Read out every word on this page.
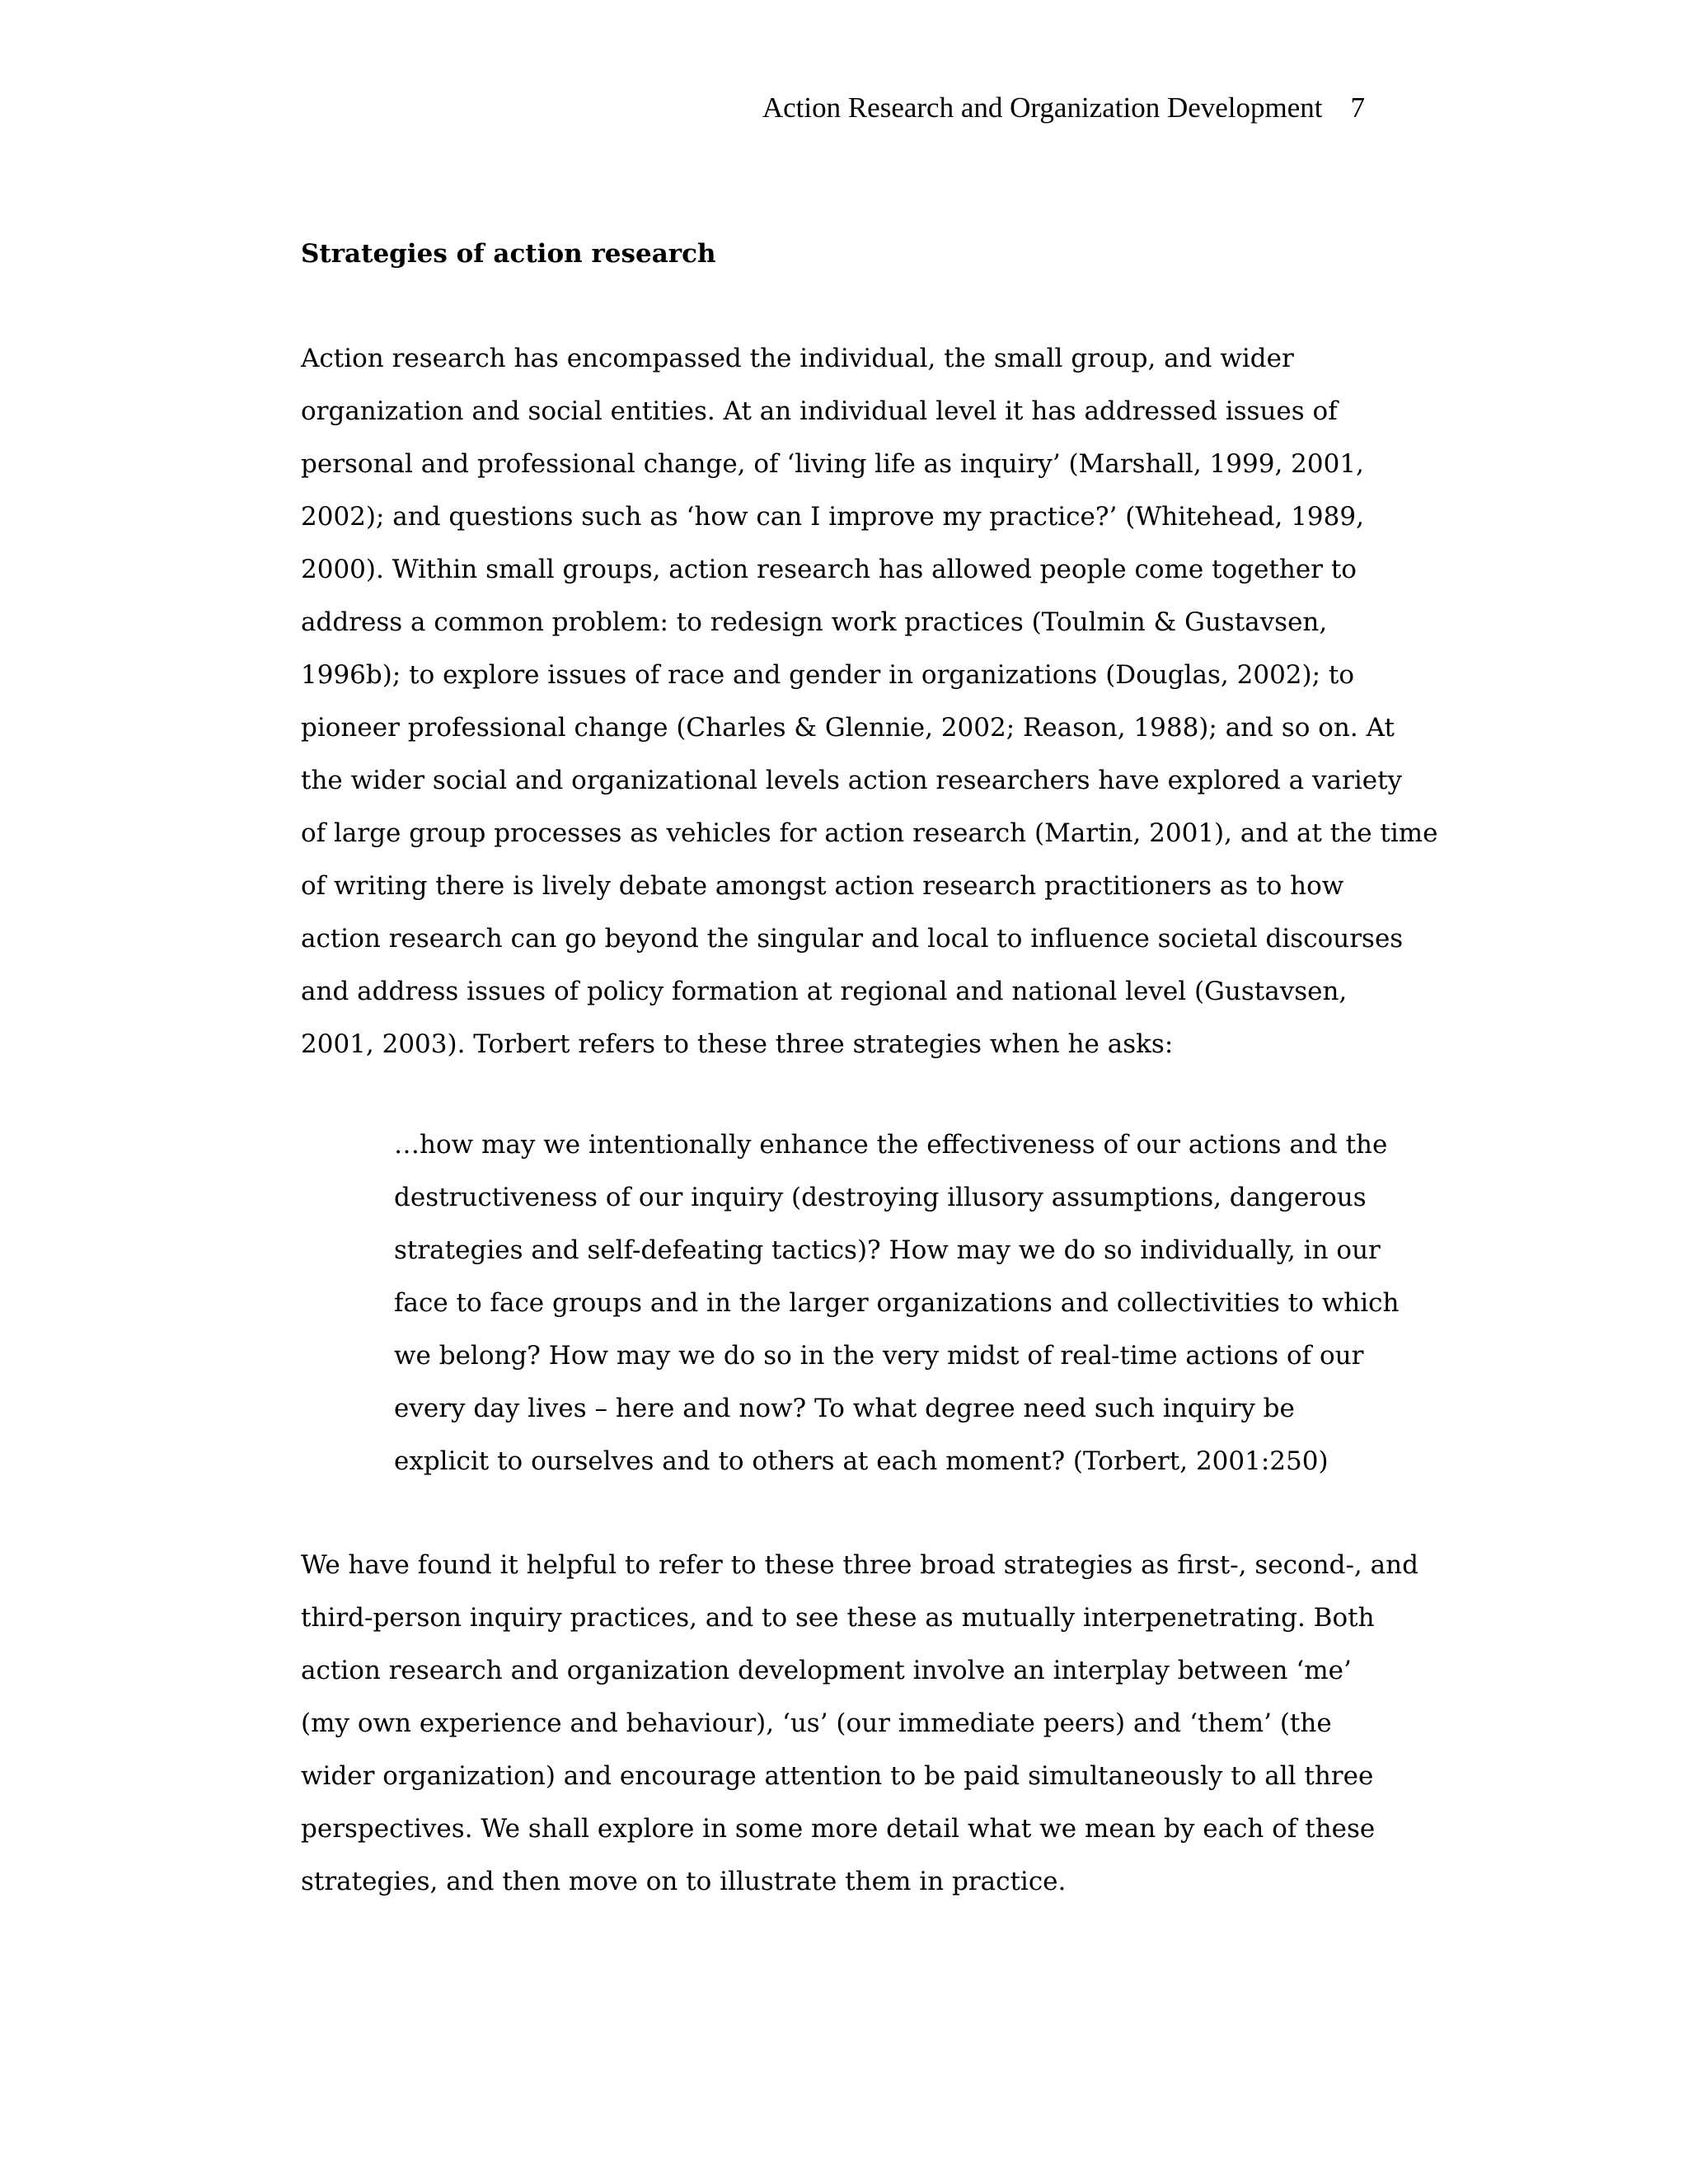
Action Research and Organization Development 7
Strategies of action research
Action research has encompassed the individual, the small group, and wider
organization and social entities. At an individual level it has addressed issues of
personal and professional change, of ‘living life as inquiry’ (Marshall, 1999, 2001,
2002); and questions such as ‘how can I improve my practice?’ (Whitehead, 1989,
2000). Within small groups, action research has allowed people come together to
address a common problem: to redesign work practices (Toulmin & Gustavsen,
1996b); to explore issues of race and gender in organizations (Douglas, 2002); to
pioneer professional change (Charles & Glennie, 2002; Reason, 1988); and so on. At
the wider social and organizational levels action researchers have explored a variety
of large group processes as vehicles for action research (Martin, 2001), and at the time
of writing there is lively debate amongst action research practitioners as to how
action research can go beyond the singular and local to influence societal discourses
and address issues of policy formation at regional and national level (Gustavsen,
2001, 2003). Torbert refers to these three strategies when he asks:
…how may we intentionally enhance the effectiveness of our actions and the
destructiveness of our inquiry (destroying illusory assumptions, dangerous
strategies and self-defeating tactics)? How may we do so individually, in our
face to face groups and in the larger organizations and collectivities to which
we belong? How may we do so in the very midst of real-time actions of our
every day lives – here and now? To what degree need such inquiry be
explicit to ourselves and to others at each moment? (Torbert, 2001:250)
We have found it helpful to refer to these three broad strategies as first-, second-, and
third-person inquiry practices, and to see these as mutually interpenetrating. Both
action research and organization development involve an interplay between ‘me’
(my own experience and behaviour), ‘us’ (our immediate peers) and ‘them’ (the
wider organization) and encourage attention to be paid simultaneously to all three
perspectives. We shall explore in some more detail what we mean by each of these
strategies, and then move on to illustrate them in practice.
